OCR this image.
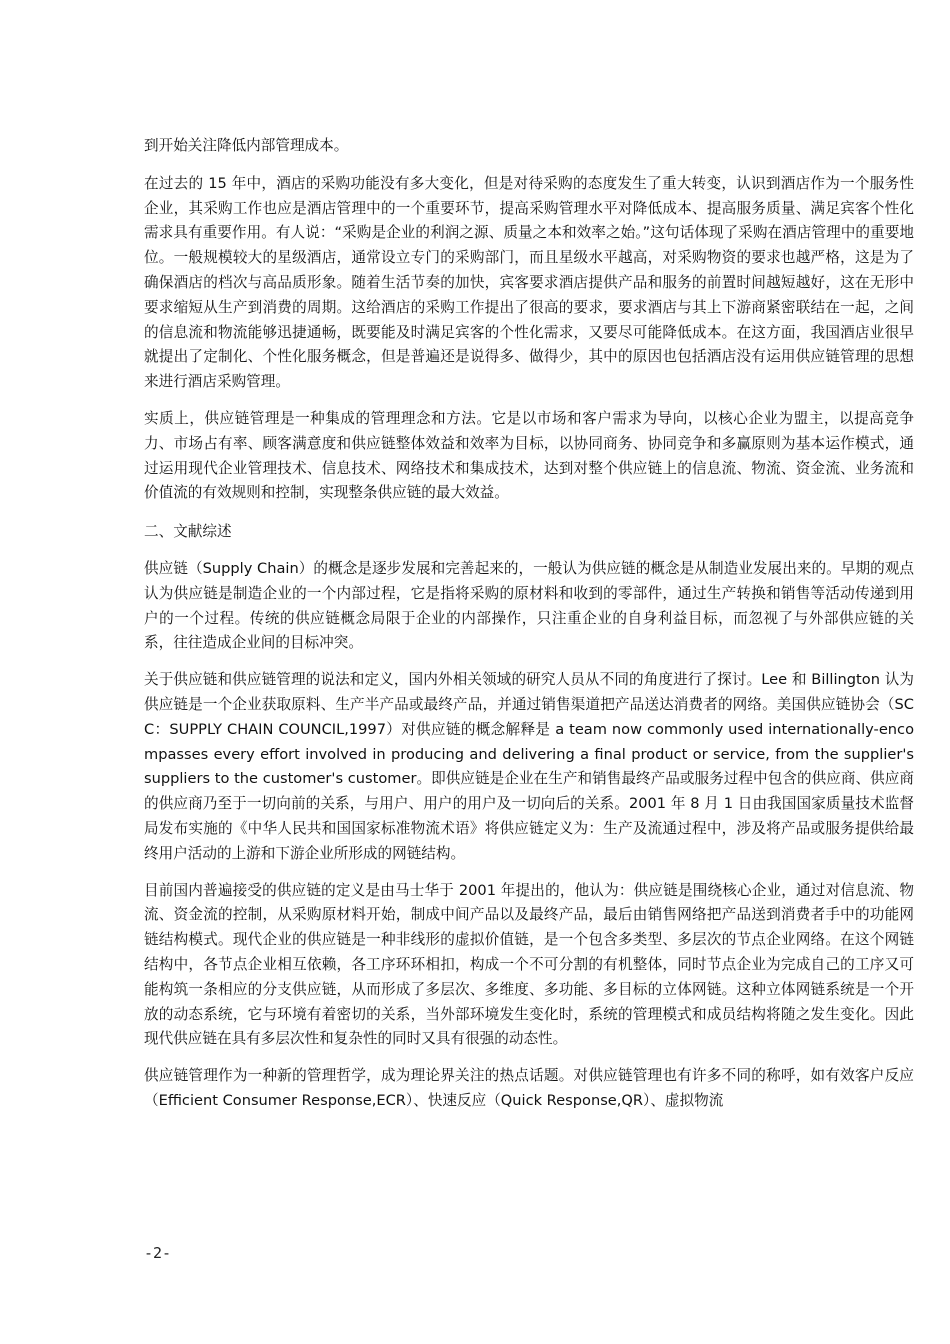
到开始关注降低内部管理成本。

在过去的 15 年中，酒店的采购功能没有多大变化，但是对待采购的态度发生了重大转变，认识到酒店作为一个服务性企业，其采购工作也应是酒店管理中的一个重要环节，提高采购管理水平对降低成本、提高服务质量、满足宾客个性化需求具有重要作用。有人说：“采购是企业的利润之源、质量之本和效率之始。”这句话体现了采购在酒店管理中的重要地位。一般规模较大的星级酒店，通常设立专门的采购部门，而且星级水平越高，对采购物资的要求也越严格，这是为了确保酒店的档次与高品质形象。随着生活节奏的加快，宾客要求酒店提供产品和服务的前置时间越短越好，这在无形中要求缩短从生产到消费的周期。这给酒店的采购工作提出了很高的要求，要求酒店与其上下游商紧密联结在一起，之间的信息流和物流能够迅捷通畅，既要能及时满足宾客的个性化需求，又要尽可能降低成本。在这方面，我国酒店业很早就提出了定制化、个性化服务概念，但是普遍还是说得多、做得少，其中的原因也包括酒店没有运用供应链管理的思想来进行酒店采购管理。

实质上，供应链管理是一种集成的管理理念和方法。它是以市场和客户需求为导向，以核心企业为盟主，以提高竞争力、市场占有率、顾客满意度和供应链整体效益和效率为目标，以协同商务、协同竞争和多赢原则为基本运作模式，通过运用现代企业管理技术、信息技术、网络技术和集成技术，达到对整个供应链上的信息流、物流、资金流、业务流和价值流的有效规则和控制，实现整条供应链的最大效益。

二、文献综述

供应链（Supply Chain）的概念是逐步发展和完善起来的，一般认为供应链的概念是从制造业发展出来的。早期的观点认为供应链是制造企业的一个内部过程，它是指将采购的原材料和收到的零部件，通过生产转换和销售等活动传递到用户的一个过程。传统的供应链概念局限于企业的内部操作，只注重企业的自身利益目标，而忽视了与外部供应链的关系，往往造成企业间的目标冲突。

关于供应链和供应链管理的说法和定义，国内外相关领域的研究人员从不同的角度进行了探讨。Lee 和 Billington 认为供应链是一个企业获取原料、生产半产品或最终产品，并通过销售渠道把产品送达消费者的网络。美国供应链协会（SCC：SUPPLY CHAIN COUNCIL,1997）对供应链的概念解释是 a team now commonly used internationally-encompasses every effort involved in producing and delivering a final product or service, from the supplier's suppliers to the customer's customer。即供应链是企业在生产和销售最终产品或服务过程中包含的供应商、供应商的供应商乃至于一切向前的关系，与用户、用户的用户及一切向后的关系。2001 年 8 月 1 日由我国国家质量技术监督局发布实施的《中华人民共和国国家标准物流术语》将供应链定义为：生产及流通过程中，涉及将产品或服务提供给最终用户活动的上游和下游企业所形成的网链结构。

目前国内普遍接受的供应链的定义是由马士华于 2001 年提出的，他认为：供应链是围绕核心企业，通过对信息流、物流、资金流的控制，从采购原材料开始，制成中间产品以及最终产品，最后由销售网络把产品送到消费者手中的功能网链结构模式。现代企业的供应链是一种非线形的虚拟价值链，是一个包含多类型、多层次的节点企业网络。在这个网链结构中，各节点企业相互依赖，各工序环环相扣，构成一个不可分割的有机整体，同时节点企业为完成自己的工序又可能构筑一条相应的分支供应链，从而形成了多层次、多维度、多功能、多目标的立体网链。这种立体网链系统是一个开放的动态系统，它与环境有着密切的关系，当外部环境发生变化时，系统的管理模式和成员结构将随之发生变化。因此现代供应链在具有多层次性和复杂性的同时又具有很强的动态性。

供应链管理作为一种新的管理哲学，成为理论界关注的热点话题。对供应链管理也有许多不同的称呼，如有效客户反应（Efficient Consumer Response,ECR）、快速反应（Quick Response,QR）、虚拟物流

-2-
